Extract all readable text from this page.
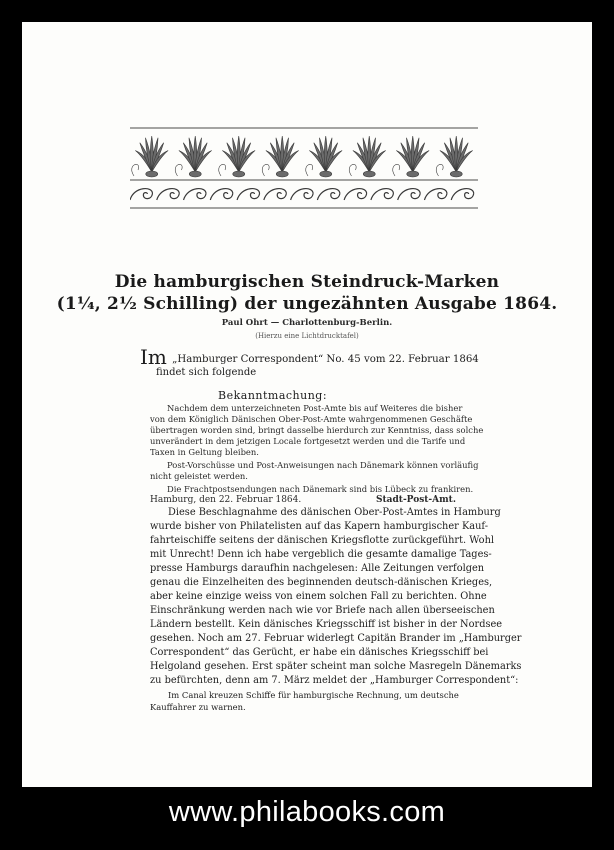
Die hamburgischen Steindruck-Marken
(1¼, 2½ Schilling) der ungezähnten Ausgabe 1864.
Paul Ohrt — Charlottenburg-Berlin.
(Hierzu eine Lichtdrucktafel)
Im „Hamburger Correspondent“ No. 45 vom 22. Februar 1864
findet sich folgende
Bekanntmachung:
Nachdem dem unterzeichneten Post-Amte bis auf Weiteres die bisher
von dem Königlich Dänischen Ober-Post-Amte wahrgenommenen Geschäfte
übertragen worden sind, bringt dasselbe hierdurch zur Kenntniss, dass solche
unverändert in dem jetzigen Locale fortgesetzt werden und die Tarife und
Taxen in Geltung bleiben.
Post-Vorschüsse und Post-Anweisungen nach Dänemark können vorläufig
nicht geleistet werden.
Die Frachtpostsendungen nach Dänemark sind bis Lübeck zu frankiren.
Hamburg, den 22. Februar 1864.	Stadt-Post-Amt.
Diese Beschlagnahme des dänischen Ober-Post-Amtes in Hamburg
wurde bisher von Philatelisten auf das Kapern hamburgischer Kauf-
fahrteischiffe seitens der dänischen Kriegsflotte zurückgeführt. Wohl
mit Unrecht! Denn ich habe vergeblich die gesamte damalige Tages-
presse Hamburgs daraufhin nachgelesen: Alle Zeitungen verfolgen
genau die Einzelheiten des beginnenden deutsch-dänischen Krieges,
aber keine einzige weiss von einem solchen Fall zu berichten. Ohne
Einschränkung werden nach wie vor Briefe nach allen überseeischen
Ländern bestellt. Kein dänisches Kriegsschiff ist bisher in der Nordsee
gesehen. Noch am 27. Februar widerlegt Capitän Brander im „Hamburger
Correspondent“ das Gerücht, er habe ein dänisches Kriegsschiff bei
Helgoland gesehen. Erst später scheint man solche Masregeln Dänemarks
zu befürchten, denn am 7. März meldet der „Hamburger Correspondent“:
Im Canal kreuzen Schiffe für hamburgische Rechnung, um deutsche
Kauffahrer zu warnen.
www.philabooks.com
